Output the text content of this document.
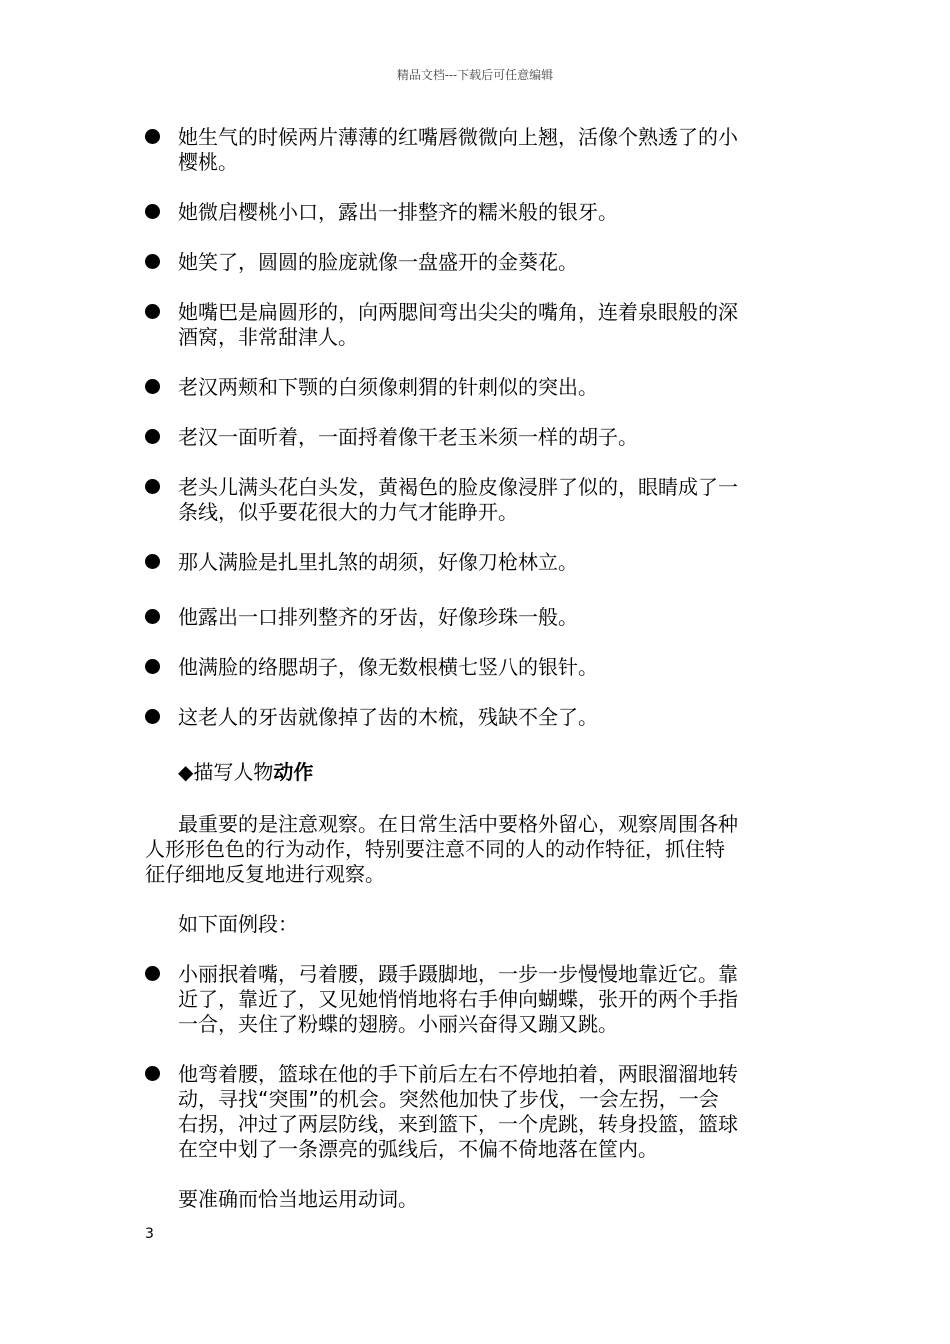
精品文档---下载后可任意编辑
她生气的时候两片薄薄的红嘴唇微微向上翘，活像个熟透了的小
樱桃。
她微启樱桃小口，露出一排整齐的糯米般的银牙。
她笑了，圆圆的脸庞就像一盘盛开的金葵花。
她嘴巴是扁圆形的，向两腮间弯出尖尖的嘴角，连着泉眼般的深
酒窝，非常甜津人。
老汉两颊和下颚的白须像刺猬的针刺似的突出。
老汉一面听着，一面捋着像干老玉米须一样的胡子。
老头儿满头花白头发，黄褐色的脸皮像浸胖了似的，眼睛成了一
条线，似乎要花很大的力气才能睁开。
那人满脸是扎里扎煞的胡须，好像刀枪林立。
他露出一口排列整齐的牙齿，好像珍珠一般。
他满脸的络腮胡子，像无数根横七竖八的银针。
这老人的牙齿就像掉了齿的木梳，残缺不全了。
◆描写人物动作
最重要的是注意观察。在日常生活中要格外留心，观察周围各种
人形形色色的行为动作，特别要注意不同的人的动作特征，抓住特
征仔细地反复地进行观察。
如下面例段：
小丽抿着嘴，弓着腰，蹑手蹑脚地，一步一步慢慢地靠近它。靠
近了，靠近了，又见她悄悄地将右手伸向蝴蝶，张开的两个手指
一合，夹住了粉蝶的翅膀。小丽兴奋得又蹦又跳。
他弯着腰，篮球在他的手下前后左右不停地拍着，两眼溜溜地转
动，寻找“突围”的机会。突然他加快了步伐，一会左拐，一会
右拐，冲过了两层防线，来到篮下，一个虎跳，转身投篮，篮球
在空中划了一条漂亮的弧线后，不偏不倚地落在筐内。
要准确而恰当地运用动词。
3
